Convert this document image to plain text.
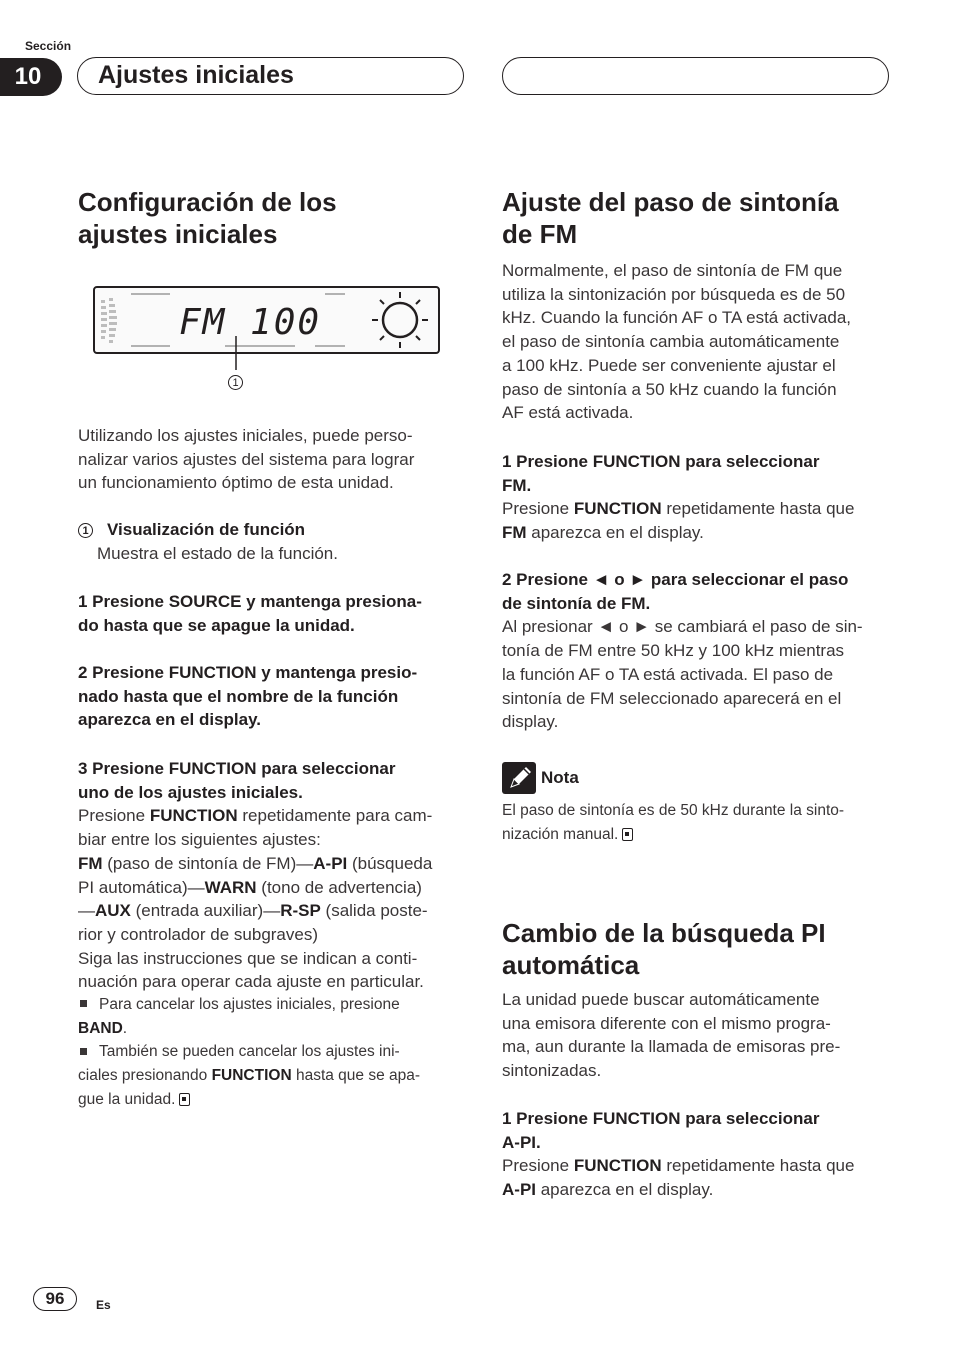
Sección
10	Ajustes iniciales
Configuración de los
ajustes iniciales
FM 100
1

Utilizando los ajustes iniciales, puede perso-

nalizar varios ajustes del sistema para lograr

un funcionamiento óptimo de esta unidad.

1 Visualización de función
Muestra el estado de la función.
1 Presione SOURCE y mantenga presiona-
do hasta que se apague la unidad.
2 Presione FUNCTION y mantenga presio-
nado hasta que el nombre de la función
aparezca en el display.
3 Presione FUNCTION para seleccionar
uno de los ajustes iniciales.

Presione FUNCTION repetidamente para cam-

biar entre los siguientes ajustes:

FM (paso de sintonía de FM)—A-PI (búsqueda

PI automática)—WARN (tono de advertencia)

—AUX (entrada auxiliar)—R-SP (salida poste-

rior y controlador de subgraves)

Siga las instrucciones que se indican a conti-

nuación para operar cada ajuste en particular.

Para cancelar los ajustes iniciales, presione

BAND.

También se pueden cancelar los ajustes ini-

ciales presionando FUNCTION hasta que se apa-

gue la unidad.

Ajuste del paso de sintonía
de FM

Normalmente, el paso de sintonía de FM que

utiliza la sintonización por búsqueda es de 50

kHz. Cuando la función AF o TA está activada,

el paso de sintonía cambia automáticamente

a 100 kHz. Puede ser conveniente ajustar el

paso de sintonía a 50 kHz cuando la función

AF está activada.

1 Presione FUNCTION para seleccionar
FM.

Presione FUNCTION repetidamente hasta que

FM aparezca en el display.

2 Presione ◄ o ► para seleccionar el paso
de sintonía de FM.

Al presionar ◄ o ► se cambiará el paso de sin-

tonía de FM entre 50 kHz y 100 kHz mientras

la función AF o TA está activada. El paso de

sintonía de FM seleccionado aparecerá en el

display.

Nota

El paso de sintonía es de 50 kHz durante la sinto-

nización manual.

Cambio de la búsqueda PI
automática

La unidad puede buscar automáticamente

una emisora diferente con el mismo progra-

ma, aun durante la llamada de emisoras pre-

sintonizadas.

1 Presione FUNCTION para seleccionar
A-PI.

Presione FUNCTION repetidamente hasta que

A-PI aparezca en el display.

96	Es
